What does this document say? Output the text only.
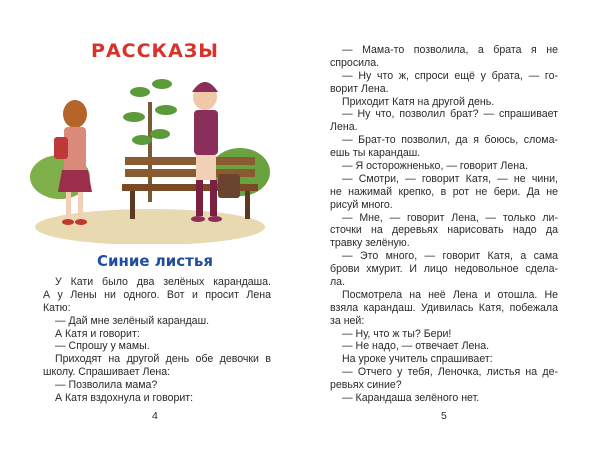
РАССКАЗЫ
Синие листья
У Кати было два зелёных карандаша.
А у Лены ни одного. Вот и просит Лена
Катю:
— Дай мне зелёный карандаш.
А Катя и говорит:
— Спрошу у мамы.
Приходят на другой день обе девочки в
школу. Спрашивает Лена:
— Позволила мама?
А Катя вздохнула и говорит:
4
— Мама-то позволила, а брата я не
спросила.
— Ну что ж, спроси ещё у брата, — го-
ворит Лена.
Приходит Катя на другой день.
— Ну что, позволил брат? — спрашивает
Лена.
— Брат-то позволил, да я боюсь, слома-
ешь ты карандаш.
— Я осторожненько, — говорит Лена.
— Смотри, — говорит Катя, — не чини,
не нажимай крепко, в рот не бери. Да не
рисуй много.
— Мне, — говорит Лена, — только ли-
сточки на деревьях нарисовать надо да
травку зелёную.
— Это много, — говорит Катя, а сама
брови хмурит. И лицо недовольное сдела-
ла.
Посмотрела на неё Лена и отошла. Не
взяла карандаш. Удивилась Катя, побежала
за ней:
— Ну, что ж ты? Бери!
— Не надо, — отвечает Лена.
На уроке учитель спрашивает:
— Отчего у тебя, Леночка, листья на де-
ревьях синие?
— Карандаша зелёного нет.
5
